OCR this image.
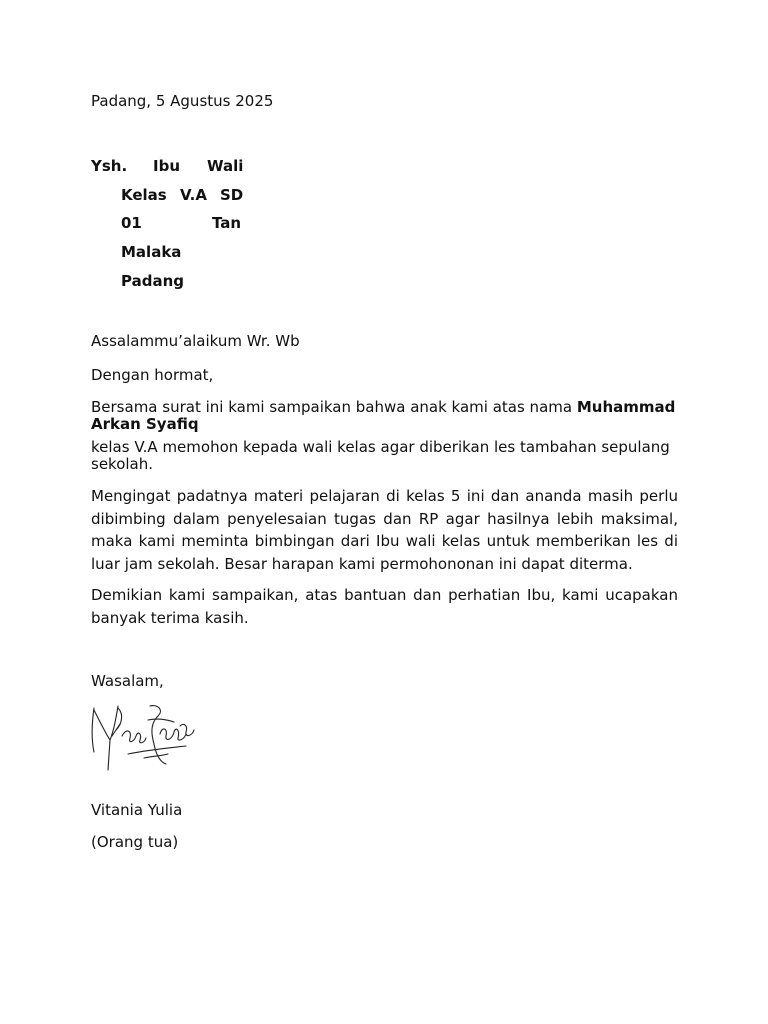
Padang, 5 Agustus 2025
Ysh. Ibu Wali
Kelas V.A SD
01	Tan
Malaka
Padang
Assalammu’alaikum Wr. Wb
Dengan hormat,
Bersama surat ini kami sampaikan bahwa anak kami atas nama Muhammad
Arkan Syafiq
kelas V.A memohon kepada wali kelas agar diberikan les tambahan sepulang
sekolah.
Mengingat padatnya materi pelajaran di kelas 5 ini dan ananda masih perlu dibimbing dalam penyelesaian tugas dan RP agar hasilnya lebih maksimal, maka kami meminta bimbingan dari Ibu wali kelas untuk memberikan les di luar jam sekolah. Besar harapan kami permohononan ini dapat diterma.
Demikian kami sampaikan, atas bantuan dan perhatian Ibu, kami ucapakan banyak terima kasih.
Wasalam,
Vitania Yulia
(Orang tua)
